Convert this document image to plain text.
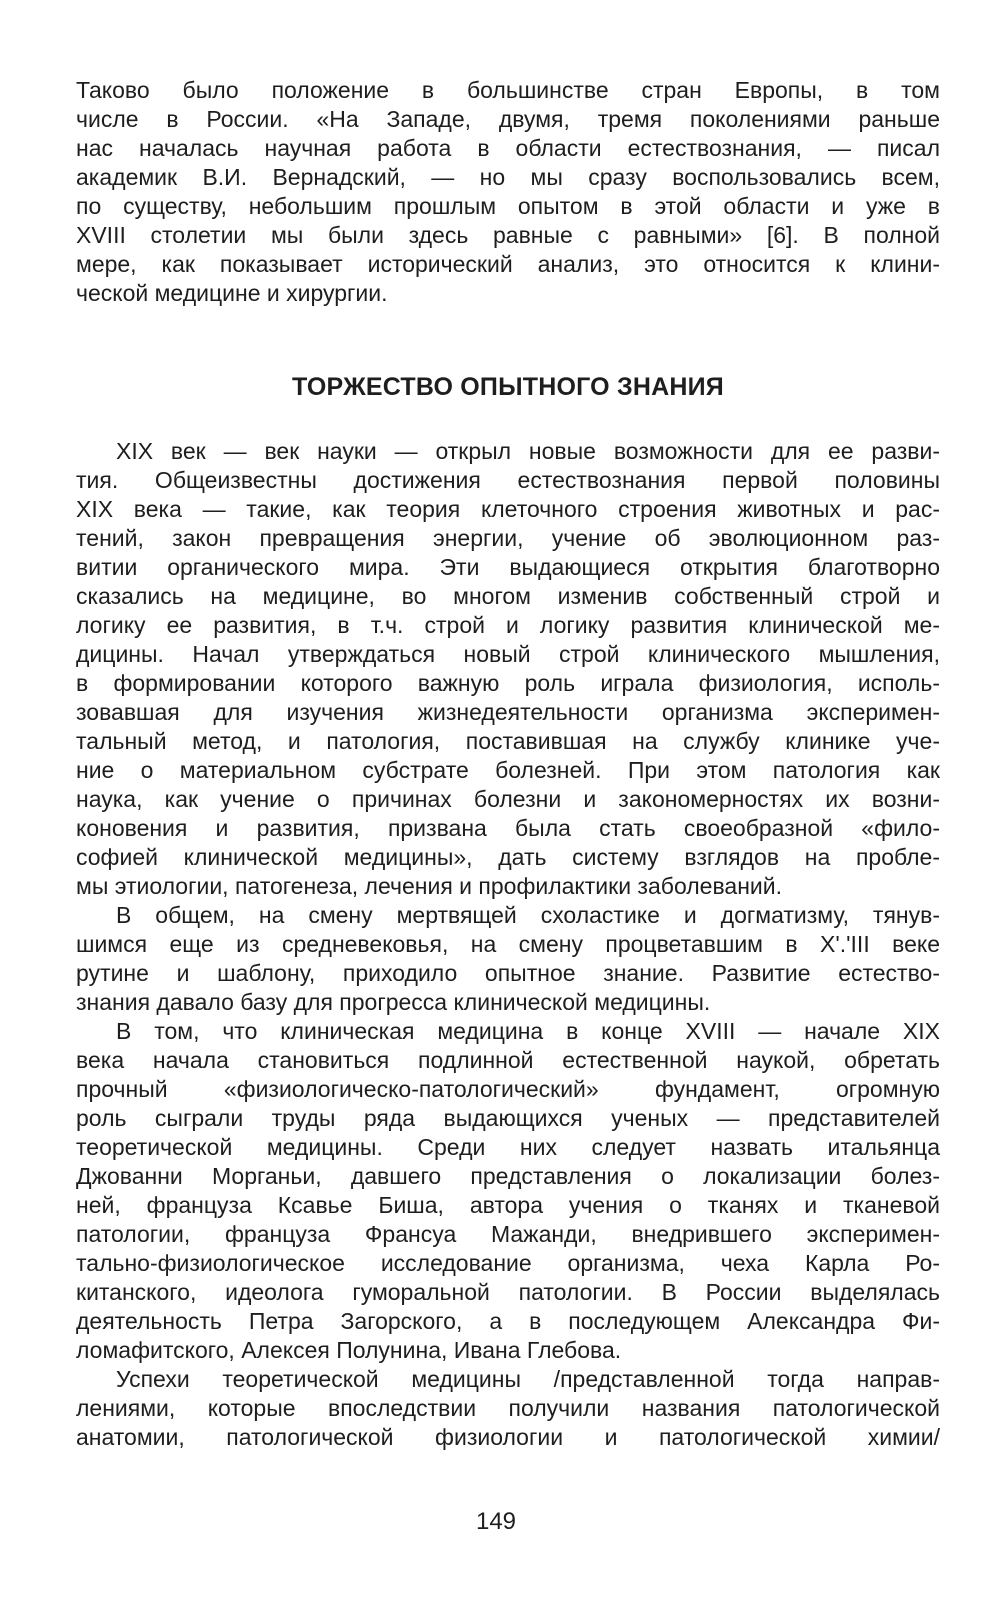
Таково было положение в большинстве стран Европы, в том
числе в России. «На Западе, двумя, тремя поколениями раньше
нас началась научная работа в области естествознания, — писал
академик В.И. Вернадский, — но мы сразу воспользовались всем,
по существу, небольшим прошлым опытом в этой области и уже в
XVIII столетии мы были здесь равные с равными» [6]. В полной
мере, как показывает исторический анализ, это относится к клини-
ческой медицине и хирургии.
ТОРЖЕСТВО ОПЫТНОГО ЗНАНИЯ
XIX век — век науки — открыл новые возможности для ее разви-
тия. Общеизвестны достижения естествознания первой половины
XIX века — такие, как теория клеточного строения животных и рас-
тений, закон превращения энергии, учение об эволюционном раз-
витии органического мира. Эти выдающиеся открытия благотворно
сказались на медицине, во многом изменив собственный строй и
логику ее развития, в т.ч. строй и логику развития клинической ме-
дицины. Начал утверждаться новый строй клинического мышления,
в формировании которого важную роль играла физиология, исполь-
зовавшая для изучения жизнедеятельности организма эксперимен-
тальный метод, и патология, поставившая на службу клинике уче-
ние о материальном субстрате болезней. При этом патология как
наука, как учение о причинах болезни и закономерностях их возни-
коновения и развития, призвана была стать своеобразной «фило-
софией клинической медицины», дать систему взглядов на пробле-
мы этиологии, патогенеза, лечения и профилактики заболеваний.
В общем, на смену мертвящей схоластике и догматизму, тянув-
шимся еще из средневековья, на смену процветавшим в X'.'III веке
рутине и шаблону, приходило опытное знание. Развитие естество-
знания давало базу для прогресса клинической медицины.
В том, что клиническая медицина в конце XVIII — начале XIX
века начала становиться подлинной естественной наукой, обретать
прочный «физиологическо-патологический» фундамент, огромную
роль сыграли труды ряда выдающихся ученых — представителей
теоретической медицины. Среди них следует назвать итальянца
Джованни Морганьи, давшего представления о локализации болез-
ней, француза Ксавье Биша, автора учения о тканях и тканевой
патологии, француза Франсуа Мажанди, внедрившего эксперимен-
тально-физиологическое исследование организма, чеха Карла Ро-
китанского, идеолога гуморальной патологии. В России выделялась
деятельность Петра Загорского, а в последующем Александра Фи-
ломафитского, Алексея Полунина, Ивана Глебова.
Успехи теоретической медицины /представленной тогда направ-
лениями, которые впоследствии получили названия патологической
анатомии, патологической физиологии и патологической химии/
149
